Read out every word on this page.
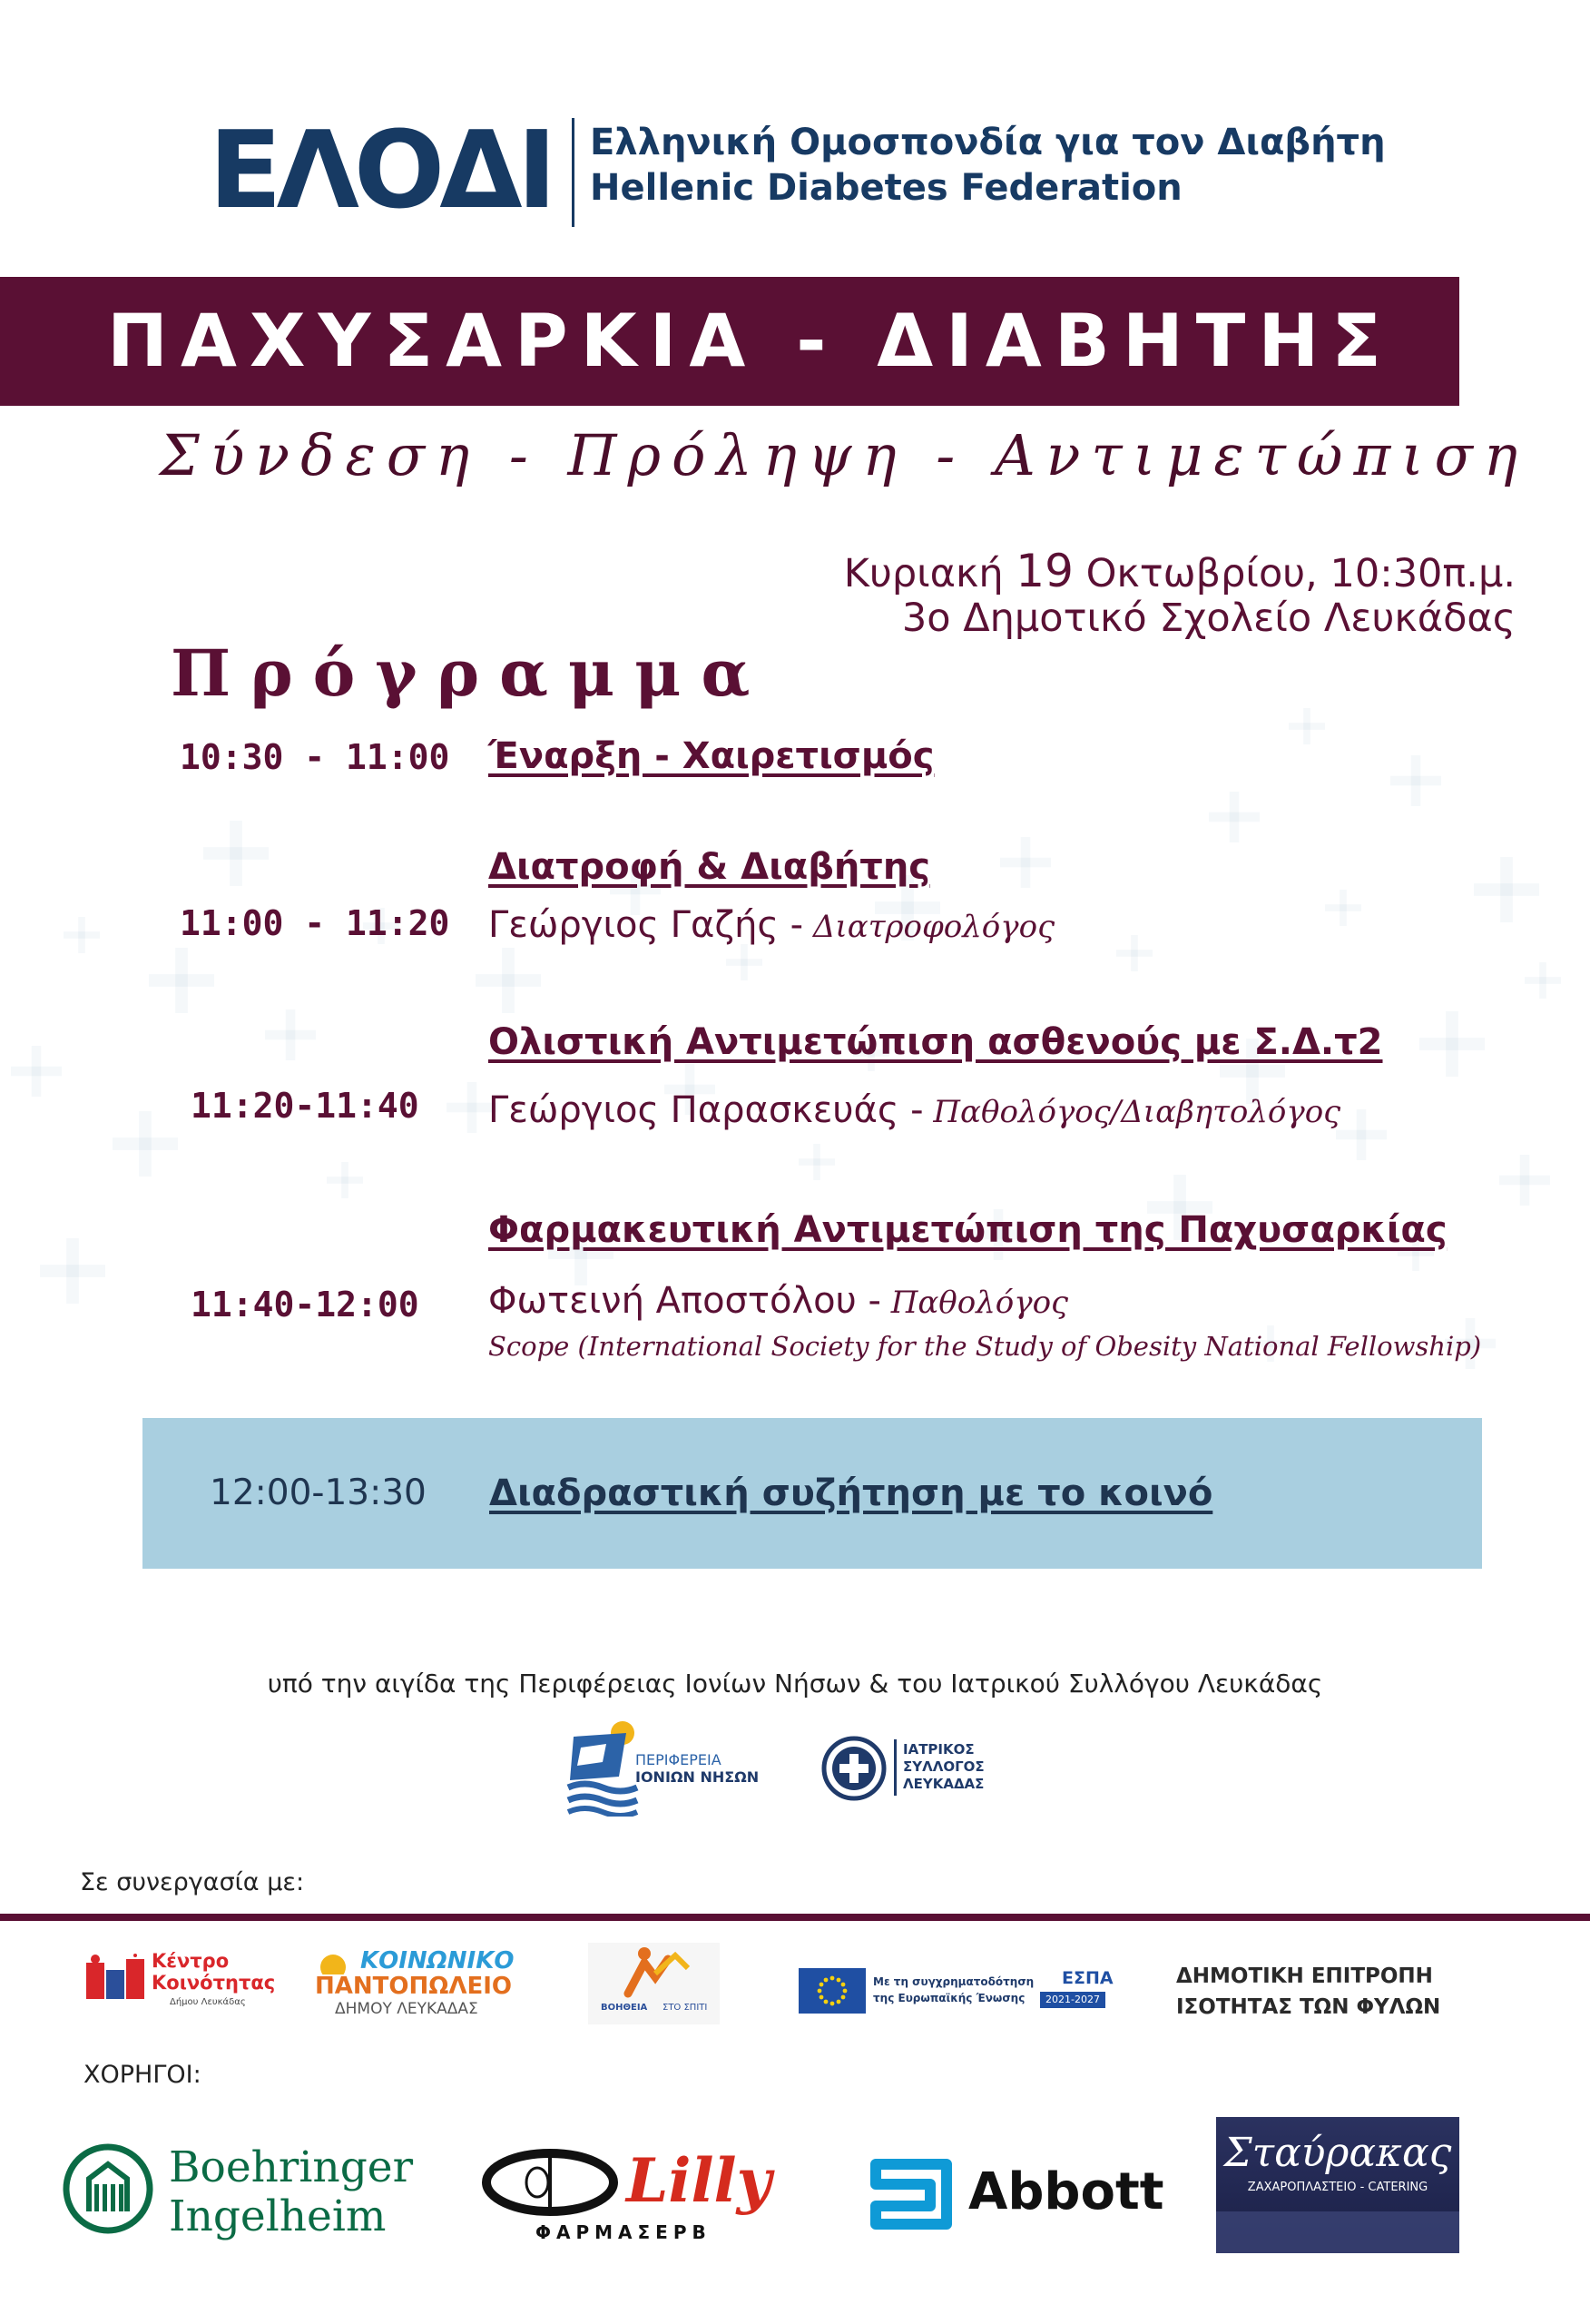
ΕΛΟΔΙ Ελληνική Ομοσπονδία για τον Διαβήτη
Hellenic Diabetes Federation
ΠΑΧΥΣΑΡΚΙΑ - ΔΙΑΒΗΤΗΣ
Σύνδεση - Πρόληψη - Αντιμετώπιση
Κυριακή 19 Οκτωβρίου, 10:30π.μ.
3ο Δημοτικό Σχολείο Λευκάδας
Πρόγραμμα
10:30 - 11:00 Έναρξη - Χαιρετισμός
Διατροφή & Διαβήτης
11:00 - 11:20 Γεώργιος Γαζής - Διατροφολόγος
Ολιστική Αντιμετώπιση ασθενούς με Σ.Δ.τ2
11:20-11:40 Γεώργιος Παρασκευάς - Παθολόγος/Διαβητολόγος
Φαρμακευτική Αντιμετώπιση της Παχυσαρκίας
11:40-12:00 Φωτεινή Αποστόλου - Παθολόγος
Scope (International Society for the Study of Obesity National Fellowship)
12:00-13:30 Διαδραστική συζήτηση με το κοινό
υπό την αιγίδα της Περιφέρειας Ιονίων Νήσων & του Ιατρικού Συλλόγου Λευκάδας
ΠΕΡΙΦΕΡΕΙΑ
ΙΟΝΙΩΝ ΝΗΣΩΝ
ΙΑΤΡΙΚΟΣ
ΣΥΛΛΟΓΟΣ
ΛΕΥΚΑΔΑΣ
Σε συνεργασία με:
Κέντρο
Κοινότητας
Δήμου Λευκάδας
ΚΟΙΝΩΝΙΚΟ
ΠΑΝΤΟΠΩΛΕΙΟ
ΔΗΜΟΥ ΛΕΥΚΑΔΑΣ	ΒΟΗΘΕΙΑ ΣΤΟ ΣΠΙΤΙ
Με τη συγχρηματοδότηση
της Ευρωπαϊκής Ένωσης
ΕΣΠΑ
2021-2027
ΔΗΜΟΤΙΚΗ ΕΠΙΤΡΟΠΗ
ΙΣΟΤΗΤΑΣ ΤΩΝ ΦΥΛΩΝ
ΧΟΡΗΓΟΙ:
Boehringer
Ingelheim
Lilly
ΦΑΡΜΑΣΕΡΒ
Abbott
Σταύρακας
ΖΑΧΑΡΟΠΛΑΣΤΕΙΟ - CATERING
